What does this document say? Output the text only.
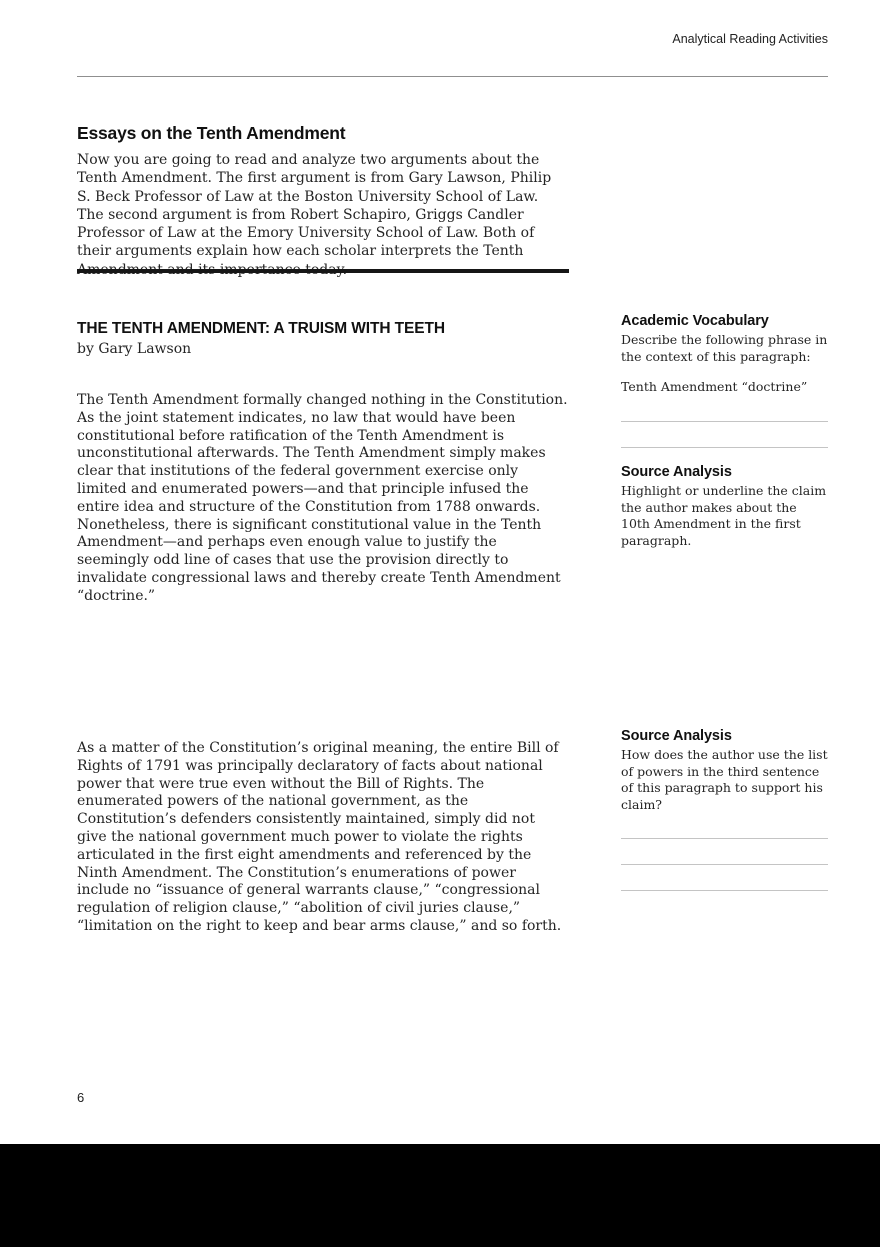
Analytical Reading Activities
Essays on the Tenth Amendment
Now you are going to read and analyze two arguments about the Tenth Amendment. The first argument is from Gary Lawson, Philip S. Beck Professor of Law at the Boston University School of Law. The second argument is from Robert Schapiro, Griggs Candler Professor of Law at the Emory University School of Law. Both of their arguments explain how each scholar interprets the Tenth Amendment and its importance today.
THE TENTH AMENDMENT: A TRUISM WITH TEETH
by Gary Lawson
The Tenth Amendment formally changed nothing in the Constitution. As the joint statement indicates, no law that would have been constitutional before ratification of the Tenth Amendment is unconstitutional afterwards. The Tenth Amendment simply makes clear that institutions of the federal government exercise only limited and enumerated powers—and that principle infused the entire idea and structure of the Constitution from 1788 onwards. Nonetheless, there is significant constitutional value in the Tenth Amendment—and perhaps even enough value to justify the seemingly odd line of cases that use the provision directly to invalidate congressional laws and thereby create Tenth Amendment “doctrine.”
As a matter of the Constitution’s original meaning, the entire Bill of Rights of 1791 was principally declaratory of facts about national power that were true even without the Bill of Rights. The enumerated powers of the national government, as the Constitution’s defenders consistently maintained, simply did not give the national government much power to violate the rights articulated in the first eight amendments and referenced by the Ninth Amendment. The Constitution’s enumerations of power include no “issuance of general warrants clause,” “congressional regulation of religion clause,” “abolition of civil juries clause,” “limitation on the right to keep and bear arms clause,” and so forth.
Academic Vocabulary
Describe the following phrase in the context of this paragraph:
Tenth Amendment “doctrine”
Source Analysis
Highlight or underline the claim the author makes about the 10th Amendment in the first paragraph.
Source Analysis
How does the author use the list of powers in the third sentence of this paragraph to support his claim?
6
